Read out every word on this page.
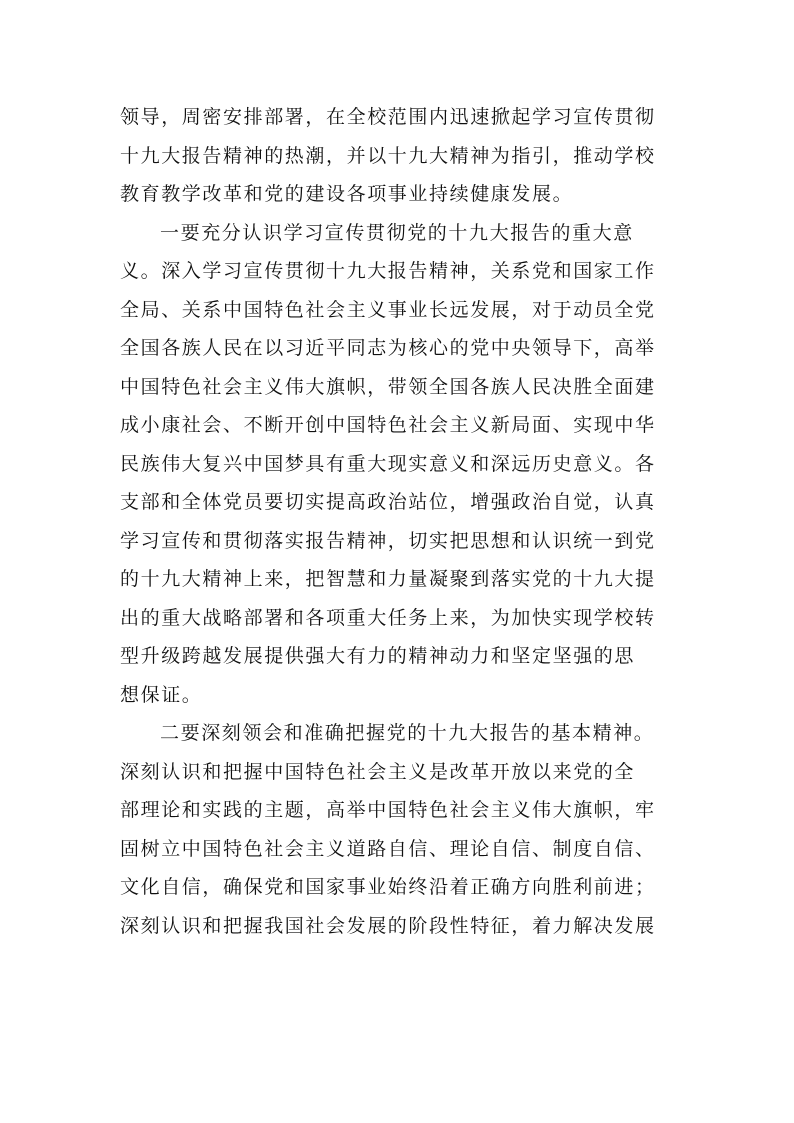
领导，周密安排部署，在全校范围内迅速掀起学习宣传贯彻
十九大报告精神的热潮，并以十九大精神为指引，推动学校
教育教学改革和党的建设各项事业持续健康发展。
一要充分认识学习宣传贯彻党的十九大报告的重大意
义。深入学习宣传贯彻十九大报告精神，关系党和国家工作
全局、关系中国特色社会主义事业长远发展，对于动员全党
全国各族人民在以习近平同志为核心的党中央领导下，高举
中国特色社会主义伟大旗帜，带领全国各族人民决胜全面建
成小康社会、不断开创中国特色社会主义新局面、实现中华
民族伟大复兴中国梦具有重大现实意义和深远历史意义。各
支部和全体党员要切实提高政治站位，增强政治自觉，认真
学习宣传和贯彻落实报告精神，切实把思想和认识统一到党
的十九大精神上来，把智慧和力量凝聚到落实党的十九大提
出的重大战略部署和各项重大任务上来，为加快实现学校转
型升级跨越发展提供强大有力的精神动力和坚定坚强的思
想保证。
二要深刻领会和准确把握党的十九大报告的基本精神。
深刻认识和把握中国特色社会主义是改革开放以来党的全
部理论和实践的主题，高举中国特色社会主义伟大旗帜，牢
固树立中国特色社会主义道路自信、理论自信、制度自信、
文化自信，确保党和国家事业始终沿着正确方向胜利前进；
深刻认识和把握我国社会发展的阶段性特征，着力解决发展
